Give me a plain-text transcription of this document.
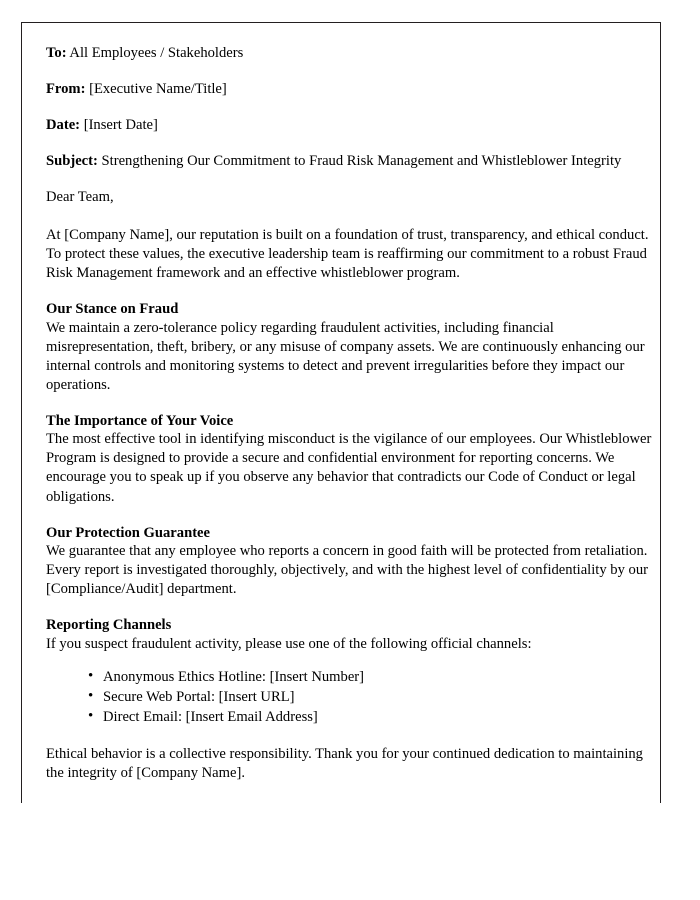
To: All Employees / Stakeholders

From: [Executive Name/Title]

Date: [Insert Date]

Subject: Strengthening Our Commitment to Fraud Risk Management and Whistleblower Integrity

Dear Team,

At [Company Name], our reputation is built on a foundation of trust, transparency, and ethical conduct. To protect these values, the executive leadership team is reaffirming our commitment to a robust Fraud Risk Management framework and an effective whistleblower program.

Our Stance on Fraud

We maintain a zero-tolerance policy regarding fraudulent activities, including financial misrepresentation, theft, bribery, or any misuse of company assets. We are continuously enhancing our internal controls and monitoring systems to detect and prevent irregularities before they impact our operations.

The Importance of Your Voice

The most effective tool in identifying misconduct is the vigilance of our employees. Our Whistleblower Program is designed to provide a secure and confidential environment for reporting concerns. We encourage you to speak up if you observe any behavior that contradicts our Code of Conduct or legal obligations.

Our Protection Guarantee

We guarantee that any employee who reports a concern in good faith will be protected from retaliation. Every report is investigated thoroughly, objectively, and with the highest level of confidentiality by our [Compliance/Audit] department.

Reporting Channels

If you suspect fraudulent activity, please use one of the following official channels:

• Anonymous Ethics Hotline: [Insert Number]
• Secure Web Portal: [Insert URL]
• Direct Email: [Insert Email Address]

Ethical behavior is a collective responsibility. Thank you for your continued dedication to maintaining the integrity of [Company Name].
